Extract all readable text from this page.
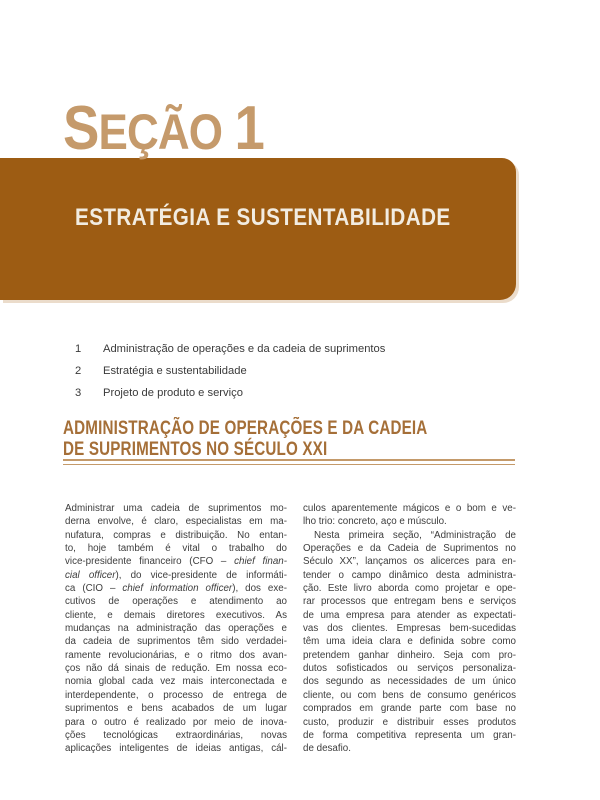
SEÇÃO 1
ESTRATÉGIA E SUSTENTABILIDADE
1	Administração de operações e da cadeia de suprimentos
2	Estratégia e sustentabilidade
3	Projeto de produto e serviço
ADMINISTRAÇÃO DE OPERAÇÕES E DA CADEIA
DE SUPRIMENTOS NO SÉCULO XXI
Administrar uma cadeia de suprimentos mo-
derna envolve, é claro, especialistas em ma-
nufatura, compras e distribuição. No entan-
to, hoje também é vital o trabalho do
vice-presidente financeiro (CFO – chief finan-
cial officer), do vice-presidente de informáti-
ca (CIO – chief information officer), dos exe-
cutivos de operações e atendimento ao
cliente, e demais diretores executivos. As
mudanças na administração das operações e
da cadeia de suprimentos têm sido verdadei-
ramente revolucionárias, e o ritmo dos avan-
ços não dá sinais de redução. Em nossa eco-
nomia global cada vez mais interconectada e
interdependente, o processo de entrega de
suprimentos e bens acabados de um lugar
para o outro é realizado por meio de inova-
ções tecnológicas extraordinárias, novas
aplicações inteligentes de ideias antigas, cál-
culos aparentemente mágicos e o bom e ve-
lho trio: concreto, aço e músculo.
Nesta primeira seção, “Administração de
Operações e da Cadeia de Suprimentos no
Século XX”, lançamos os alicerces para en-
tender o campo dinâmico desta administra-
ção. Este livro aborda como projetar e ope-
rar processos que entregam bens e serviços
de uma empresa para atender as expectati-
vas dos clientes. Empresas bem-sucedidas
têm uma ideia clara e definida sobre como
pretendem ganhar dinheiro. Seja com pro-
dutos sofisticados ou serviços personaliza-
dos segundo as necessidades de um único
cliente, ou com bens de consumo genéricos
comprados em grande parte com base no
custo, produzir e distribuir esses produtos
de forma competitiva representa um gran-
de desafio.
